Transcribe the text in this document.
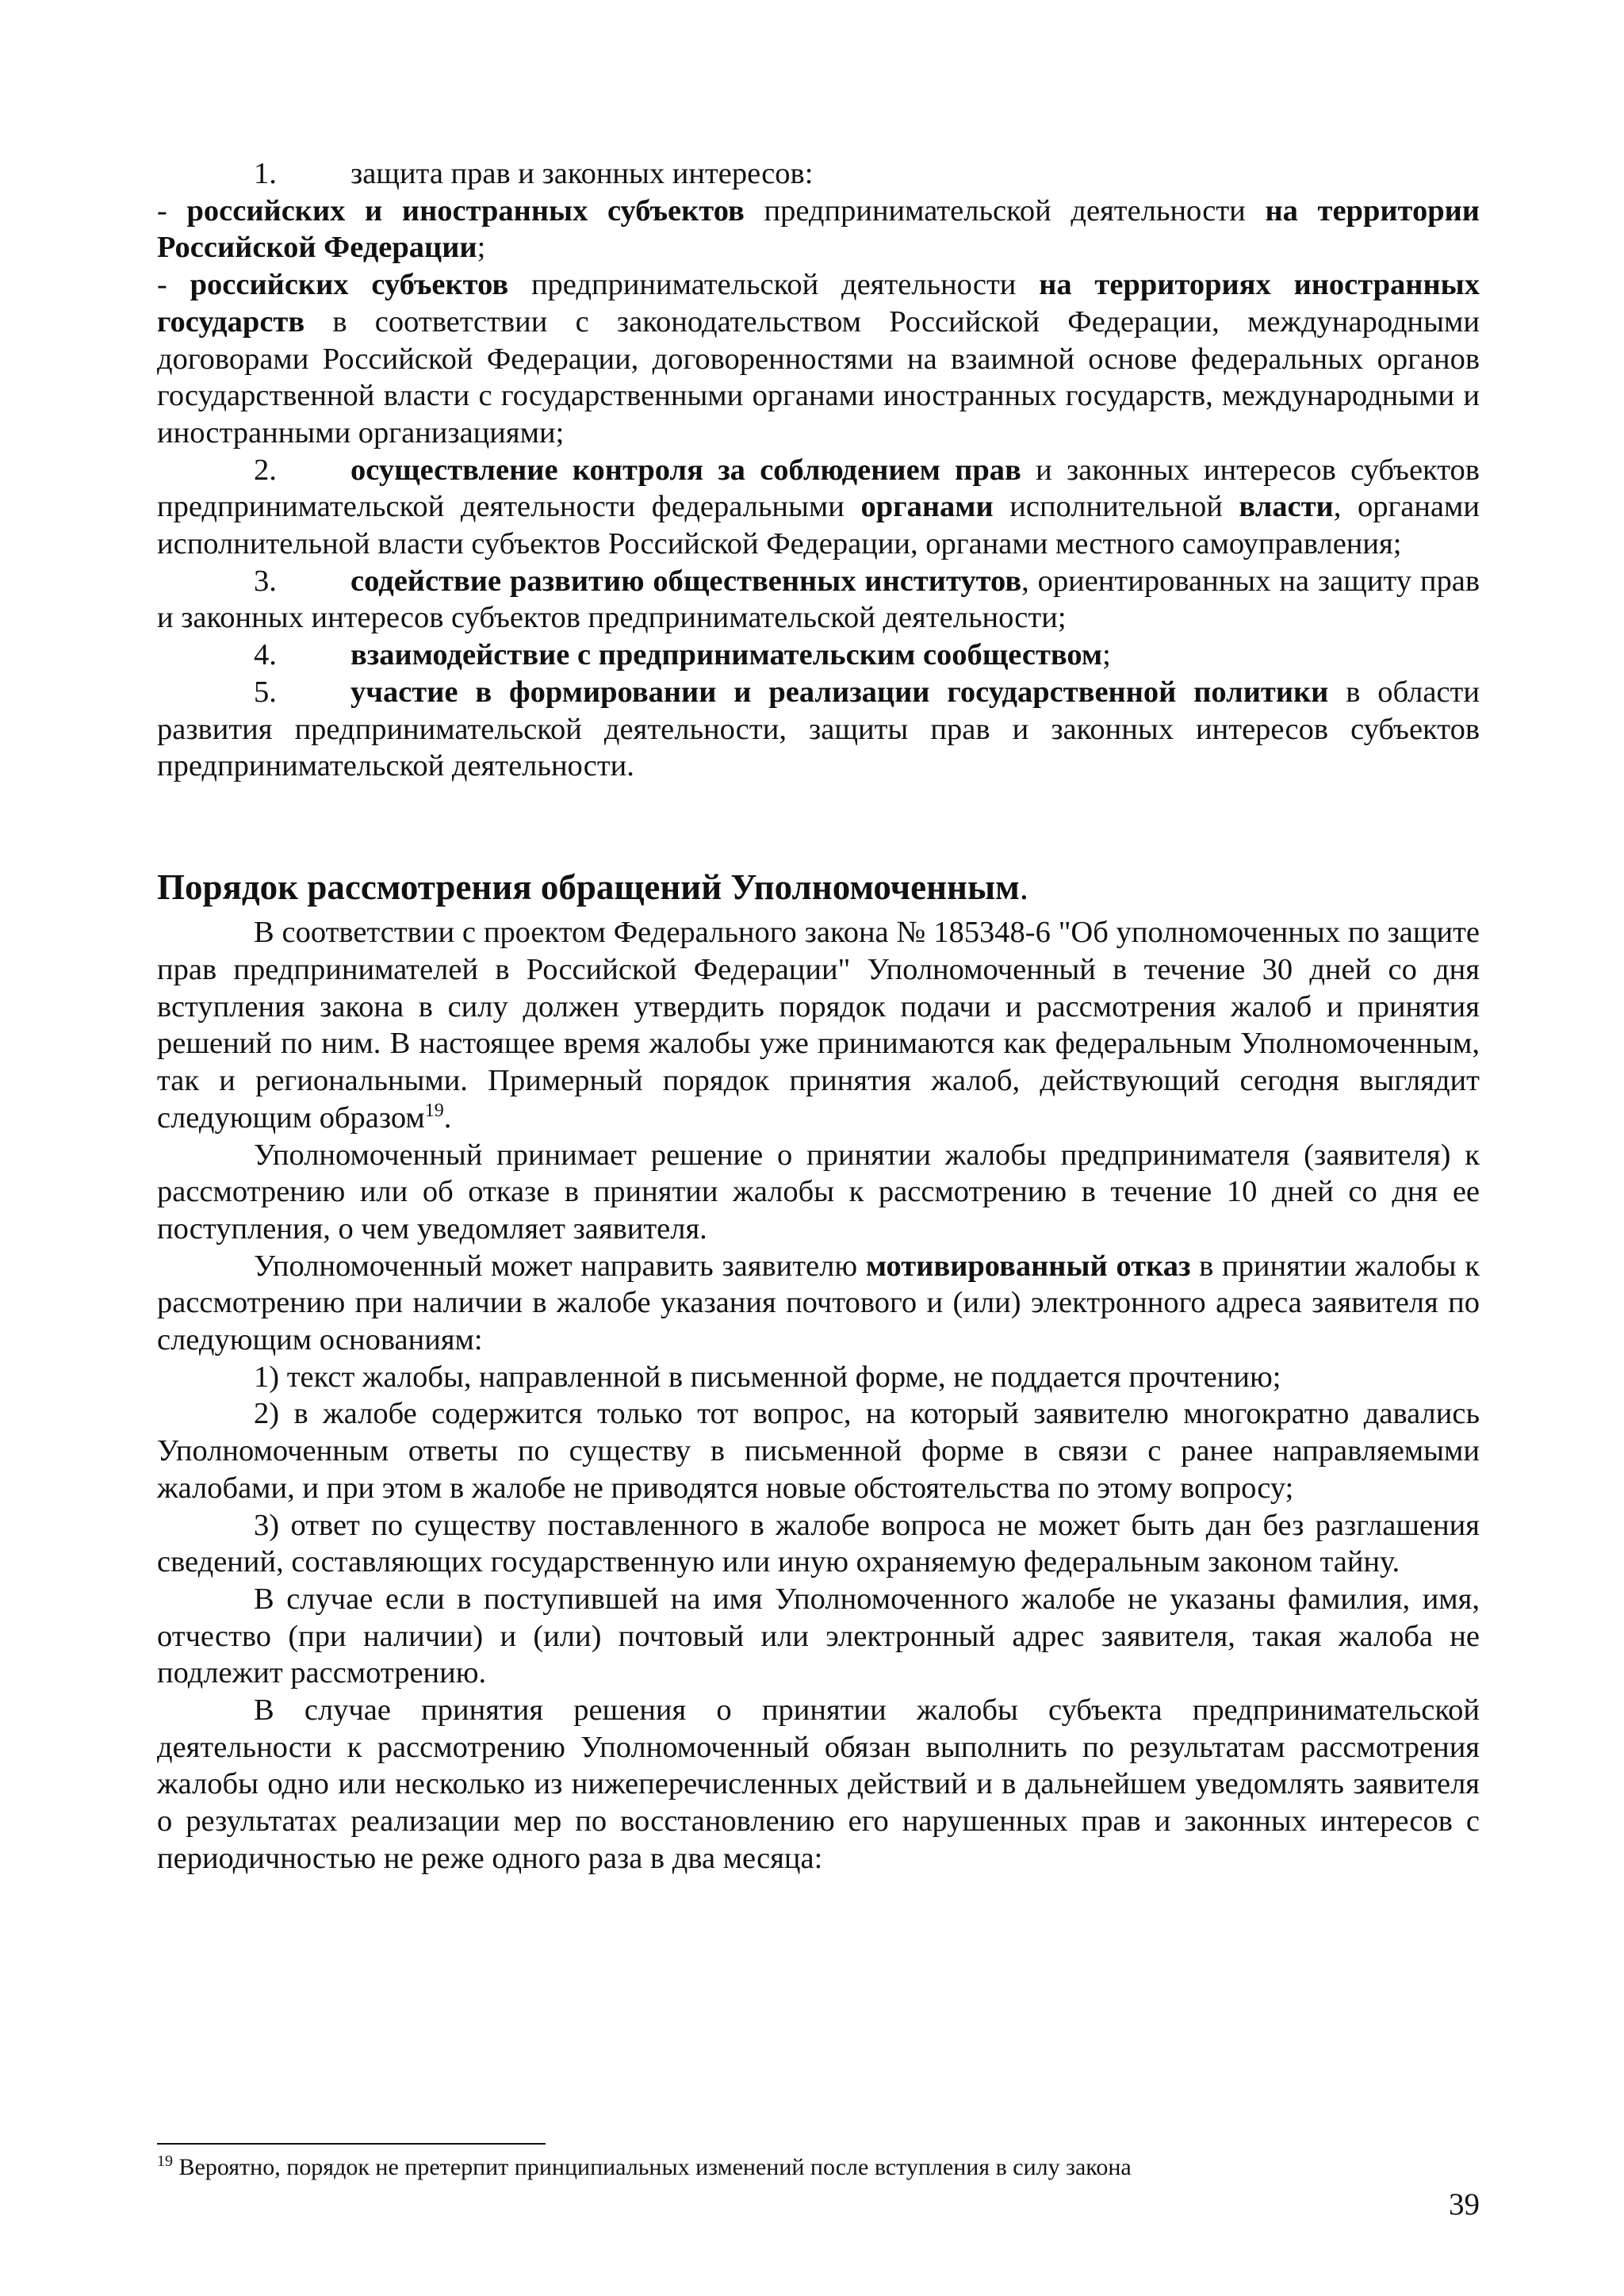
1. защита прав и законных интересов:

- российских и иностранных субъектов предпринимательской деятельности на территории Российской Федерации;

- российских субъектов предпринимательской деятельности на территориях иностранных государств в соответствии с законодательством Российской Федерации, международными договорами Российской Федерации, договоренностями на взаимной основе федеральных органов государственной власти с государственными органами иностранных государств, международными и иностранными организациями;

2. осуществление контроля за соблюдением прав и законных интересов субъектов предпринимательской деятельности федеральными органами исполнительной власти, органами исполнительной власти субъектов Российской Федерации, органами местного самоуправления;

3. содействие развитию общественных институтов, ориентированных на защиту прав и законных интересов субъектов предпринимательской деятельности;

4. взаимодействие с предпринимательским сообществом;

5. участие в формировании и реализации государственной политики в области развития предпринимательской деятельности, защиты прав и законных интересов субъектов предпринимательской деятельности.

Порядок рассмотрения обращений Уполномоченным.

В соответствии с проектом Федерального закона № 185348-6 "Об уполномоченных по защите прав предпринимателей в Российской Федерации" Уполномоченный в течение 30 дней со дня вступления закона в силу должен утвердить порядок подачи и рассмотрения жалоб и принятия решений по ним. В настоящее время жалобы уже принимаются как федеральным Уполномоченным, так и региональными. Примерный порядок принятия жалоб, действующий сегодня выглядит следующим образом$^{19}$.

Уполномоченный принимает решение о принятии жалобы предпринимателя (заявителя) к рассмотрению или об отказе в принятии жалобы к рассмотрению в течение 10 дней со дня ее поступления, о чем уведомляет заявителя.

Уполномоченный может направить заявителю мотивированный отказ в принятии жалобы к рассмотрению при наличии в жалобе указания почтового и (или) электронного адреса заявителя по следующим основаниям:

1) текст жалобы, направленной в письменной форме, не поддается прочтению;

2) в жалобе содержится только тот вопрос, на который заявителю многократно давались Уполномоченным ответы по существу в письменной форме в связи с ранее направляемыми жалобами, и при этом в жалобе не приводятся новые обстоятельства по этому вопросу;

3) ответ по существу поставленного в жалобе вопроса не может быть дан без разглашения сведений, составляющих государственную или иную охраняемую федеральным законом тайну.

В случае если в поступившей на имя Уполномоченного жалобе не указаны фамилия, имя, отчество (при наличии) и (или) почтовый или электронный адрес заявителя, такая жалоба не подлежит рассмотрению.

В случае принятия решения о принятии жалобы субъекта предпринимательской деятельности к рассмотрению Уполномоченный обязан выполнить по результатам рассмотрения жалобы одно или несколько из нижеперечисленных действий и в дальнейшем уведомлять заявителя о результатах реализации мер по восстановлению его нарушенных прав и законных интересов с периодичностью не реже одного раза в два месяца:

$^{19}$ Вероятно, порядок не претерпит принципиальных изменений после вступления в силу закона
39
